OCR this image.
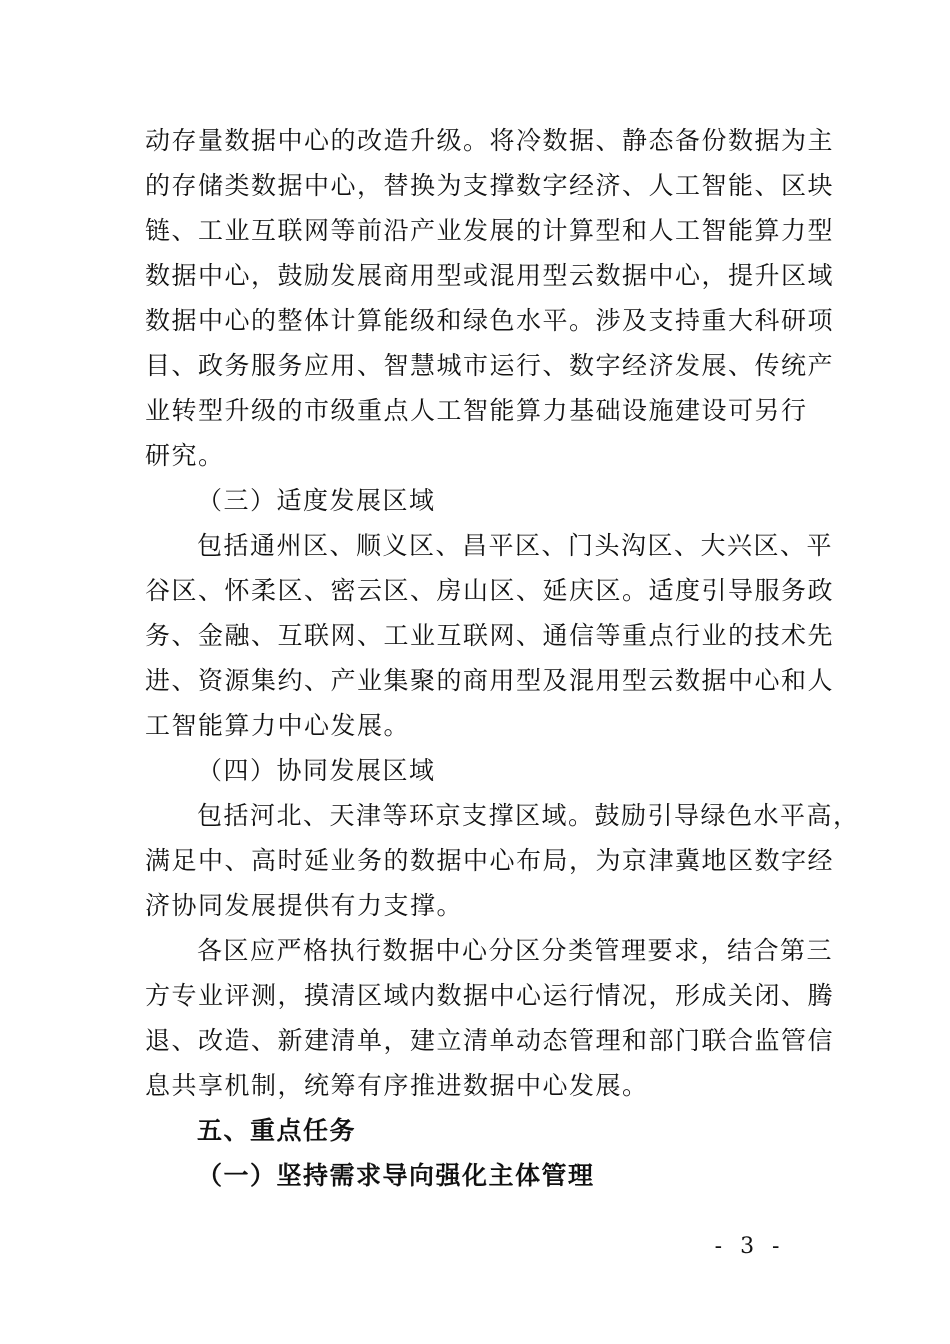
动存量数据中心的改造升级。将冷数据、静态备份数据为主
的存储类数据中心，替换为支撑数字经济、人工智能、区块
链、工业互联网等前沿产业发展的计算型和人工智能算力型
数据中心，鼓励发展商用型或混用型云数据中心，提升区域
数据中心的整体计算能级和绿色水平。涉及支持重大科研项
目、政务服务应用、智慧城市运行、数字经济发展、传统产
业转型升级的市级重点人工智能算力基础设施建设可另行
研究。
（三）适度发展区域
包括通州区、顺义区、昌平区、门头沟区、大兴区、平
谷区、怀柔区、密云区、房山区、延庆区。适度引导服务政
务、金融、互联网、工业互联网、通信等重点行业的技术先
进、资源集约、产业集聚的商用型及混用型云数据中心和人
工智能算力中心发展。
（四）协同发展区域
包括河北、天津等环京支撑区域。鼓励引导绿色水平高，
满足中、高时延业务的数据中心布局，为京津冀地区数字经
济协同发展提供有力支撑。
各区应严格执行数据中心分区分类管理要求，结合第三
方专业评测，摸清区域内数据中心运行情况，形成关闭、腾
退、改造、新建清单，建立清单动态管理和部门联合监管信
息共享机制，统筹有序推进数据中心发展。
五、重点任务
（一）坚持需求导向强化主体管理
- 3 -
